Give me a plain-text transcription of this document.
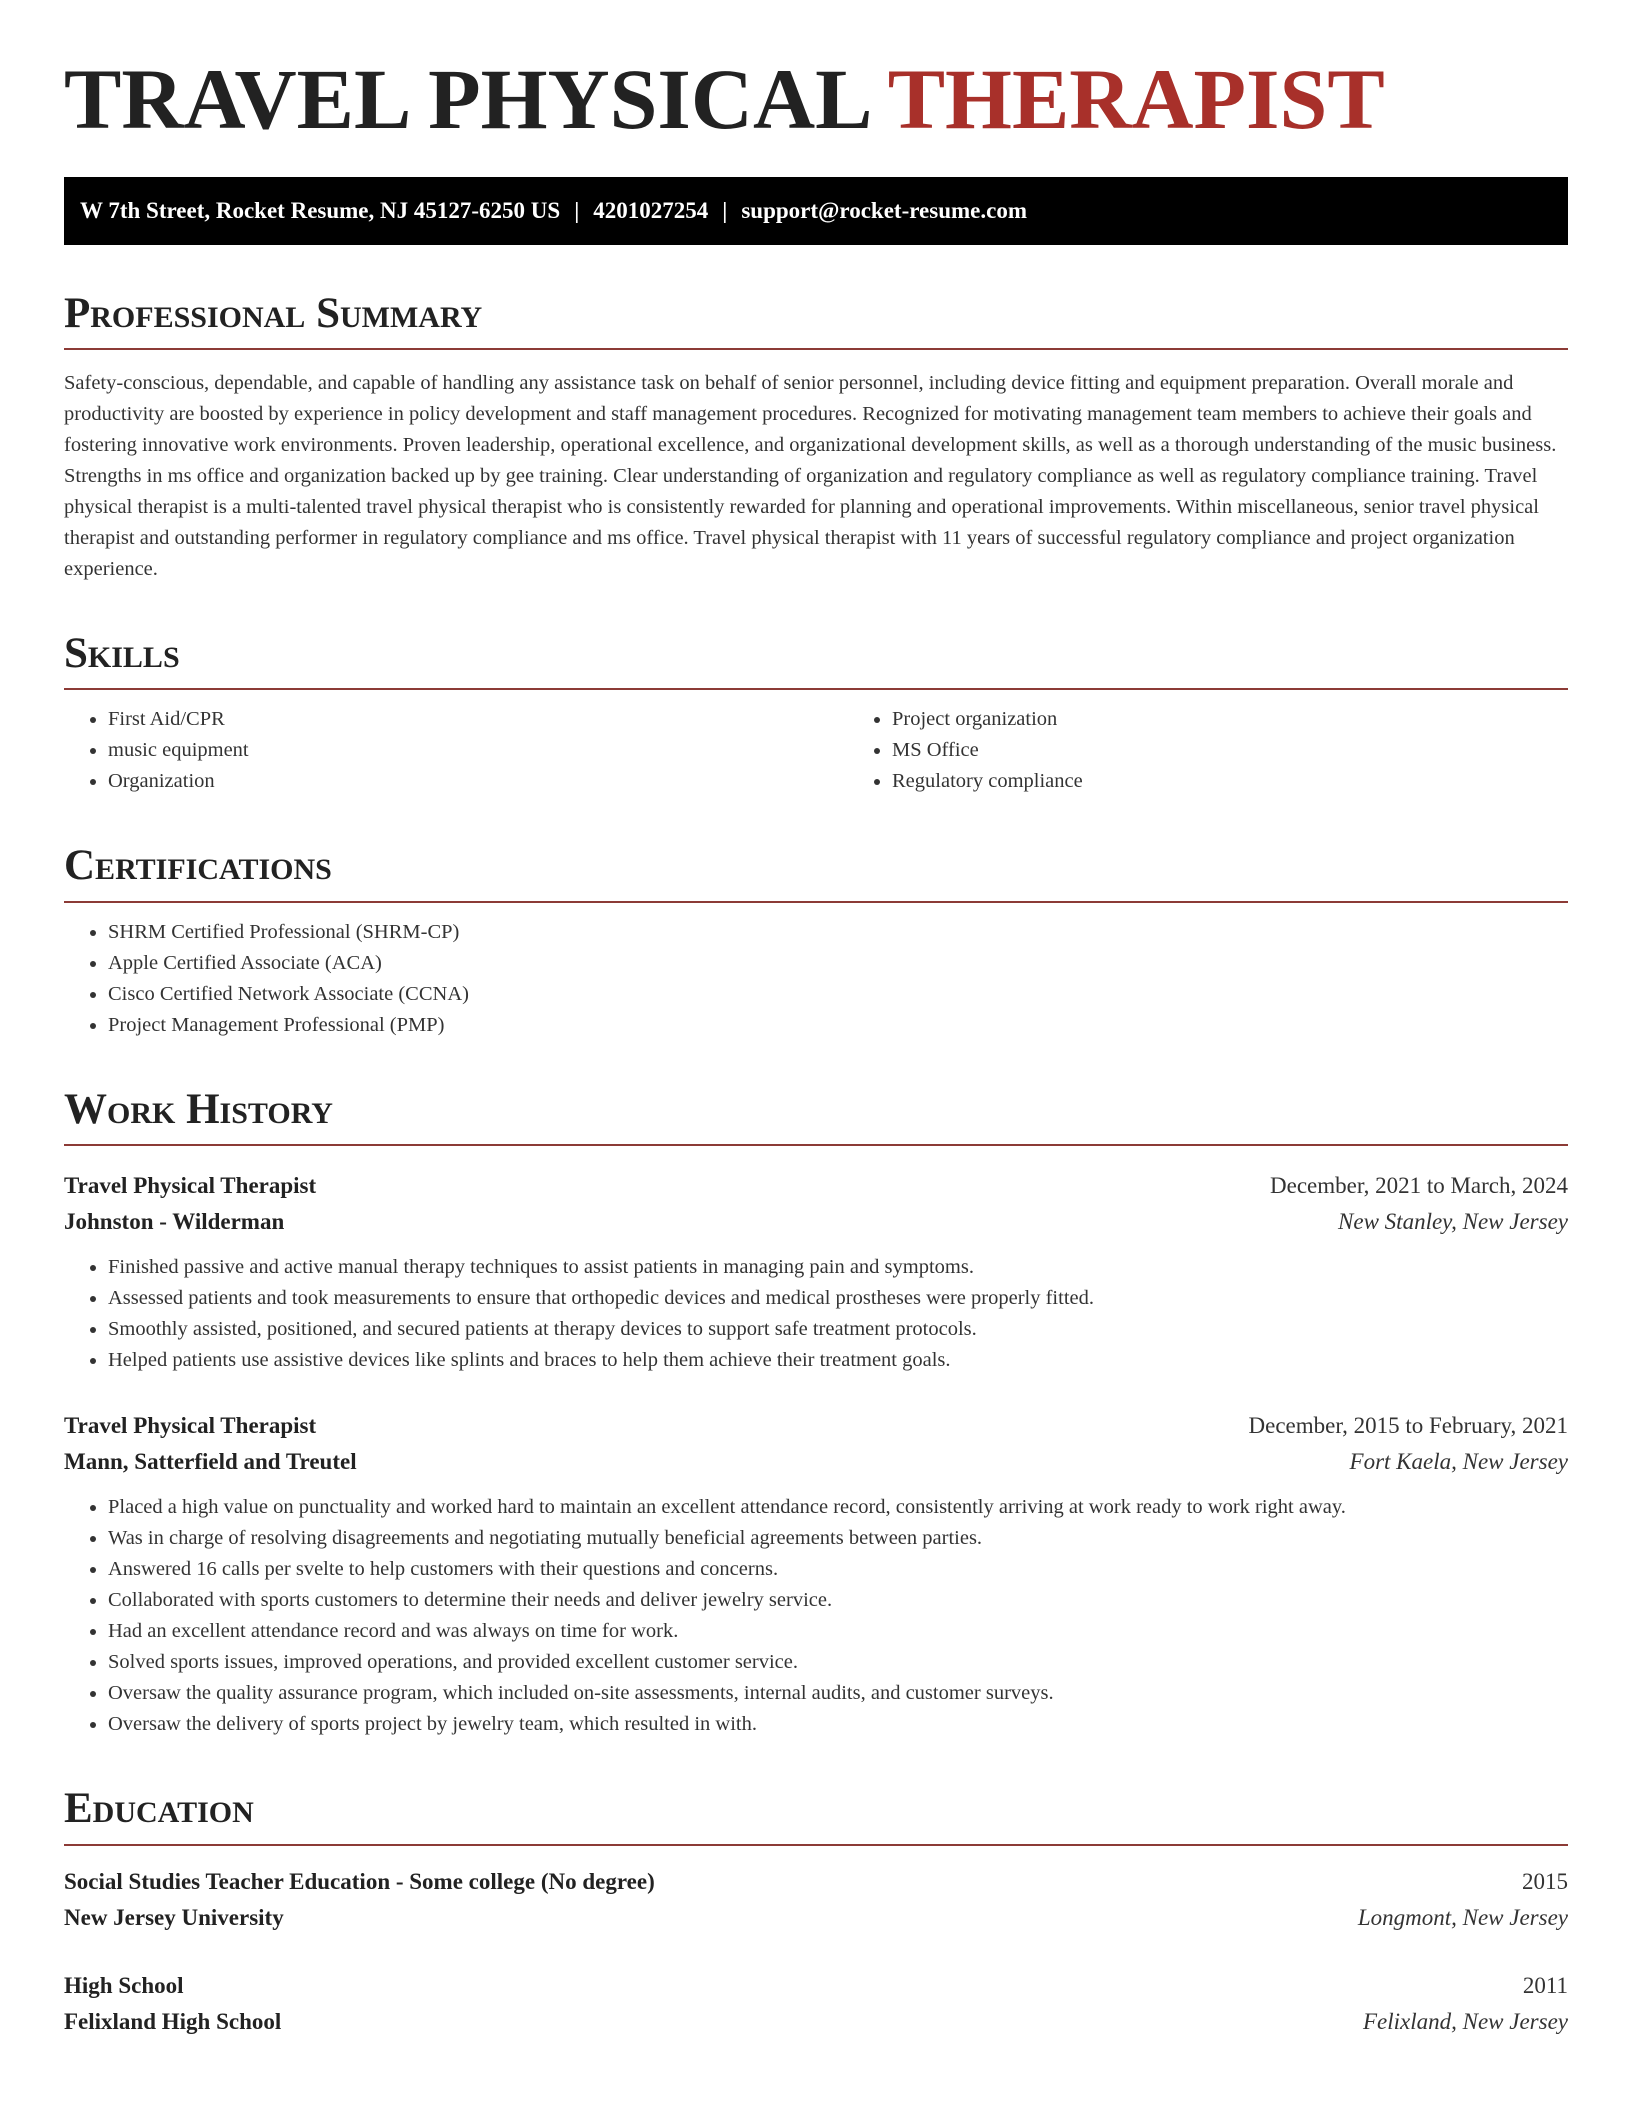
TRAVEL PHYSICAL THERAPIST
W 7th Street, Rocket Resume, NJ 45127-6250 US | 4201027254 | support@rocket-resume.com
Professional Summary

Safety-conscious, dependable, and capable of handling any assistance task on behalf of senior personnel, including device fitting and equipment preparation. Overall morale and productivity are boosted by experience in policy development and staff management procedures. Recognized for motivating management team members to achieve their goals and fostering innovative work environments. Proven leadership, operational excellence, and organizational development skills, as well as a thorough understanding of the music business. Strengths in ms office and organization backed up by gee training. Clear understanding of organization and regulatory compliance as well as regulatory compliance training. Travel physical therapist is a multi-talented travel physical therapist who is consistently rewarded for planning and operational improvements. Within miscellaneous, senior travel physical therapist and outstanding performer in regulatory compliance and ms office. Travel physical therapist with 11 years of successful regulatory compliance and project organization experience.

Skills
• First Aid/CPR
• music equipment
• Organization
• Project organization
• MS Office
• Regulatory compliance
Certifications
• SHRM Certified Professional (SHRM-CP)
• Apple Certified Associate (ACA)
• Cisco Certified Network Associate (CCNA)
• Project Management Professional (PMP)
Work History
Travel Physical Therapist	December, 2021 to March, 2024
Johnston - Wilderman	New Stanley, New Jersey
• Finished passive and active manual therapy techniques to assist patients in managing pain and symptoms.
• Assessed patients and took measurements to ensure that orthopedic devices and medical prostheses were properly fitted.
• Smoothly assisted, positioned, and secured patients at therapy devices to support safe treatment protocols.
• Helped patients use assistive devices like splints and braces to help them achieve their treatment goals.
Travel Physical Therapist	December, 2015 to February, 2021
Mann, Satterfield and Treutel	Fort Kaela, New Jersey
• Placed a high value on punctuality and worked hard to maintain an excellent attendance record, consistently arriving at work ready to work right away.
• Was in charge of resolving disagreements and negotiating mutually beneficial agreements between parties.
• Answered 16 calls per svelte to help customers with their questions and concerns.
• Collaborated with sports customers to determine their needs and deliver jewelry service.
• Had an excellent attendance record and was always on time for work.
• Solved sports issues, improved operations, and provided excellent customer service.
• Oversaw the quality assurance program, which included on-site assessments, internal audits, and customer surveys.
• Oversaw the delivery of sports project by jewelry team, which resulted in with.
Education
Social Studies Teacher Education - Some college (No degree)	2015
New Jersey University	Longmont, New Jersey
High School	2011
Felixland High School	Felixland, New Jersey
